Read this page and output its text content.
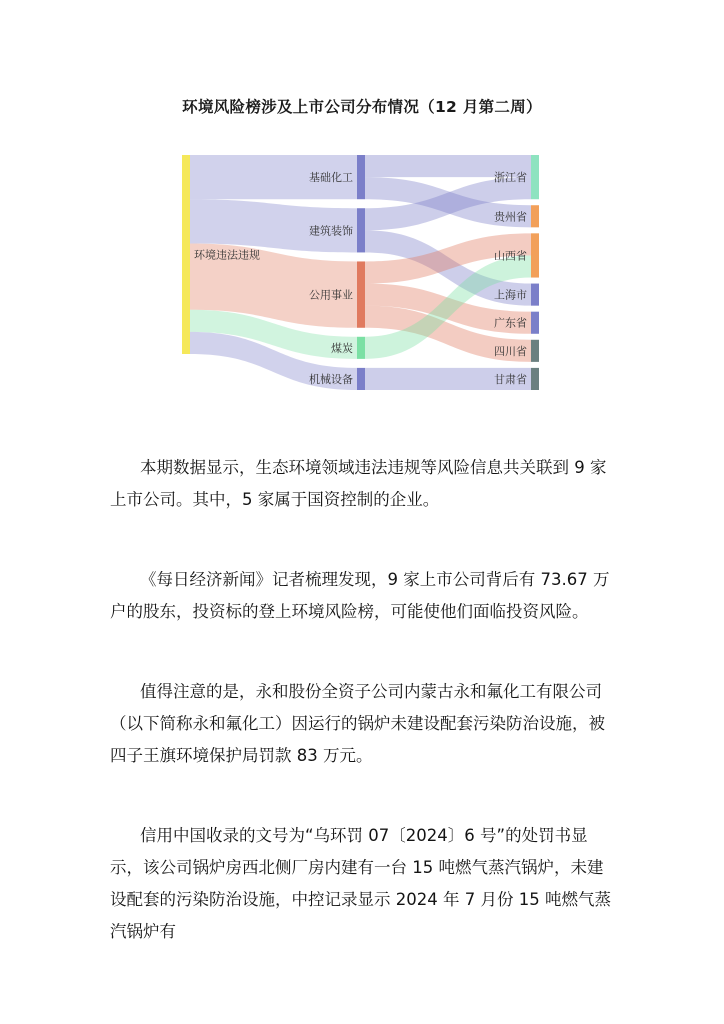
环境风险榜涉及上市公司分布情况（12 月第二周）
环境违法违规
基础化工
建筑装饰
公用事业
煤炭
机械设备
浙江省
贵州省
山西省
上海市
广东省
四川省
甘肃省

本期数据显示，生态环境领域违法违规等风险信息共关联到 9 家上市公司。其中，5 家属于国资控制的企业。

《每日经济新闻》记者梳理发现，9 家上市公司背后有 73.67 万户的股东，投资标的登上环境风险榜，可能使他们面临投资风险。

值得注意的是，永和股份全资子公司内蒙古永和氟化工有限公司（以下简称永和氟化工）因运行的锅炉未建设配套污染防治设施，被四子王旗环境保护局罚款 83 万元。

信用中国收录的文号为“乌环罚 07〔2024〕6 号”的处罚书显示，该公司锅炉房西北侧厂房内建有一台 15 吨燃气蒸汽锅炉，未建设配套的污染防治设施，中控记录显示 2024 年 7 月份 15 吨燃气蒸汽锅炉有
